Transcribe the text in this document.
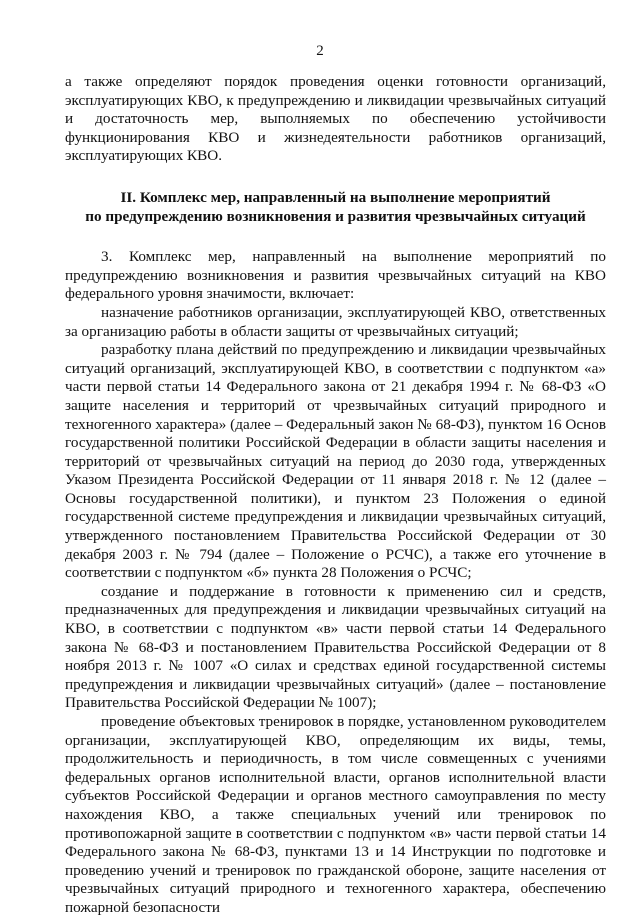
2

а также определяют порядок проведения оценки готовности организаций, эксплуатирующих КВО, к предупреждению и ликвидации чрезвычайных ситуаций и достаточность мер, выполняемых по обеспечению устойчивости функционирования КВО и жизнедеятельности работников организаций, эксплуатирующих КВО.

II. Комплекс мер, направленный на выполнение мероприятий
по предупреждению возникновения и развития чрезвычайных ситуаций

3. Комплекс мер, направленный на выполнение мероприятий по предупреждению возникновения и развития чрезвычайных ситуаций на КВО федерального уровня значимости, включает:

назначение работников организации, эксплуатирующей КВО, ответственных за организацию работы в области защиты от чрезвычайных ситуаций;

разработку плана действий по предупреждению и ликвидации чрезвычайных ситуаций организаций, эксплуатирующей КВО, в соответствии с подпунктом «а» части первой статьи 14 Федерального закона от 21 декабря 1994 г. № 68-ФЗ «О защите населения и территорий от чрезвычайных ситуаций природного и техногенного характера» (далее – Федеральный закон № 68-ФЗ), пунктом 16 Основ государственной политики Российской Федерации в области защиты населения и территорий от чрезвычайных ситуаций на период до 2030 года, утвержденных Указом Президента Российской Федерации от 11 января 2018 г. № 12 (далее – Основы государственной политики), и пунктом 23 Положения о единой государственной системе предупреждения и ликвидации чрезвычайных ситуаций, утвержденного постановлением Правительства Российской Федерации от 30 декабря 2003 г. № 794 (далее – Положение о РСЧС), а также его уточнение в соответствии с подпунктом «б» пункта 28 Положения о РСЧС;

создание и поддержание в готовности к применению сил и средств, предназначенных для предупреждения и ликвидации чрезвычайных ситуаций на КВО, в соответствии с подпунктом «в» части первой статьи 14 Федерального закона № 68-ФЗ и постановлением Правительства Российской Федерации от 8 ноября 2013 г. № 1007 «О силах и средствах единой государственной системы предупреждения и ликвидации чрезвычайных ситуаций» (далее – постановление Правительства Российской Федерации № 1007);

проведение объектовых тренировок в порядке, установленном руководителем организации, эксплуатирующей КВО, определяющим их виды, темы, продолжительность и периодичность, в том числе совмещенных с учениями федеральных органов исполнительной власти, органов исполнительной власти субъектов Российской Федерации и органов местного самоуправления по месту нахождения КВО, а также специальных учений или тренировок по противопожарной защите в соответствии с подпунктом «в» части первой статьи 14 Федерального закона № 68-ФЗ, пунктами 13 и 14 Инструкции по подготовке и проведению учений и тренировок по гражданской обороне, защите населения от чрезвычайных ситуаций природного и техногенного характера, обеспечению пожарной безопасности
